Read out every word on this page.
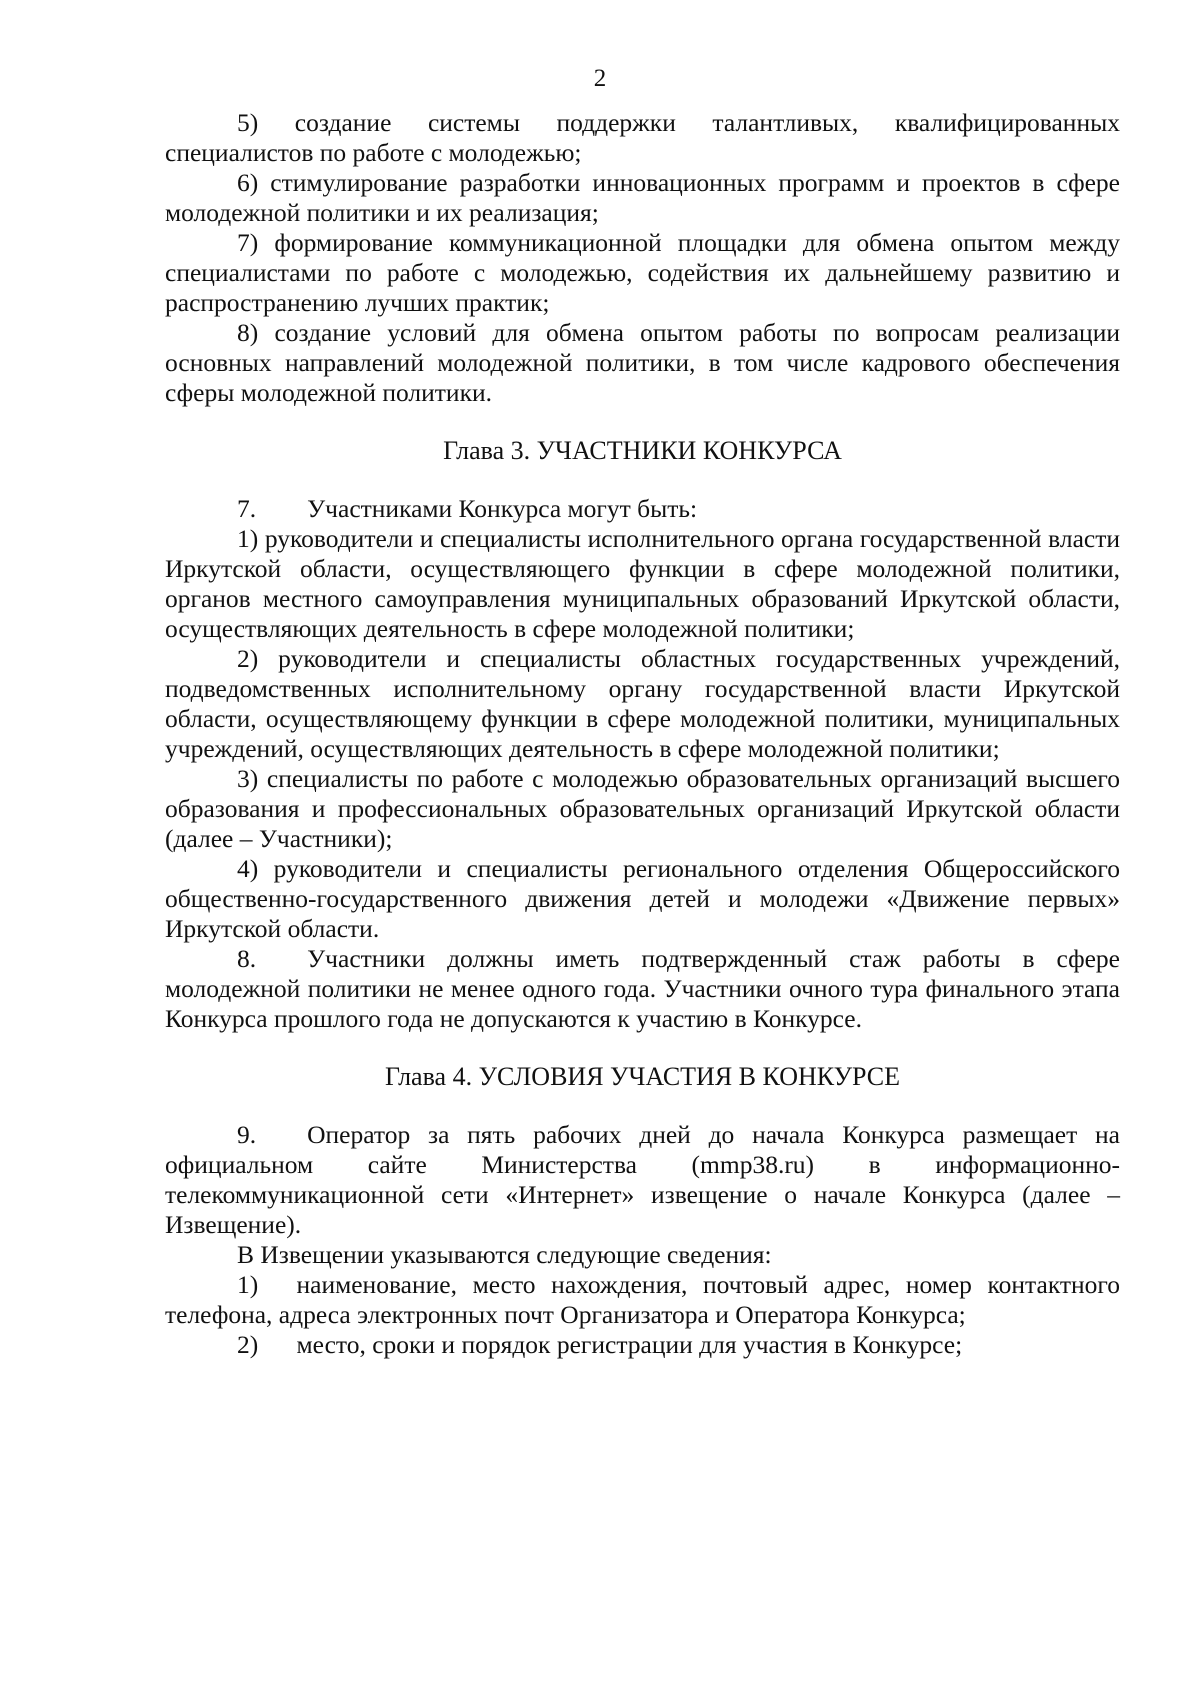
2

5) создание системы поддержки талантливых, квалифицированных специалистов по работе с молодежью;

6) стимулирование разработки инновационных программ и проектов в сфере молодежной политики и их реализация;

7) формирование коммуникационной площадки для обмена опытом между специалистами по работе с молодежью, содействия их дальнейшему развитию и распространению лучших практик;

8) создание условий для обмена опытом работы по вопросам реализации основных направлений молодежной политики, в том числе кадрового обеспечения сферы молодежной политики.

Глава 3. УЧАСТНИКИ КОНКУРСА

7.  Участниками Конкурса могут быть:

1) руководители и специалисты исполнительного органа государственной власти Иркутской области, осуществляющего функции в сфере молодежной политики, органов местного самоуправления муниципальных образований Иркутской области, осуществляющих деятельность в сфере молодежной политики;

2) руководители и специалисты областных государственных учреждений, подведомственных исполнительному органу государственной власти Иркутской области, осуществляющему функции в сфере молодежной политики, муниципальных учреждений, осуществляющих деятельность в сфере молодежной политики;

3) специалисты по работе с молодежью образовательных организаций высшего образования и профессиональных образовательных организаций Иркутской области (далее – Участники);

4) руководители и специалисты регионального отделения Общероссийского общественно-государственного движения детей и молодежи «Движение первых» Иркутской области.

8.  Участники должны иметь подтвержденный стаж работы в сфере молодежной политики не менее одного года. Участники очного тура финального этапа Конкурса прошлого года не допускаются к участию в Конкурсе.

Глава 4. УСЛОВИЯ УЧАСТИЯ В КОНКУРСЕ

9.  Оператор за пять рабочих дней до начала Конкурса размещает на официальном сайте Министерства (mmp38.ru) в информационно-телекоммуникационной сети «Интернет» извещение о начале Конкурса (далее – Извещение).

В Извещении указываются следующие сведения:

1)  наименование, место нахождения, почтовый адрес, номер контактного телефона, адреса электронных почт Организатора и Оператора Конкурса;

2)  место, сроки и порядок регистрации для участия в Конкурсе;
